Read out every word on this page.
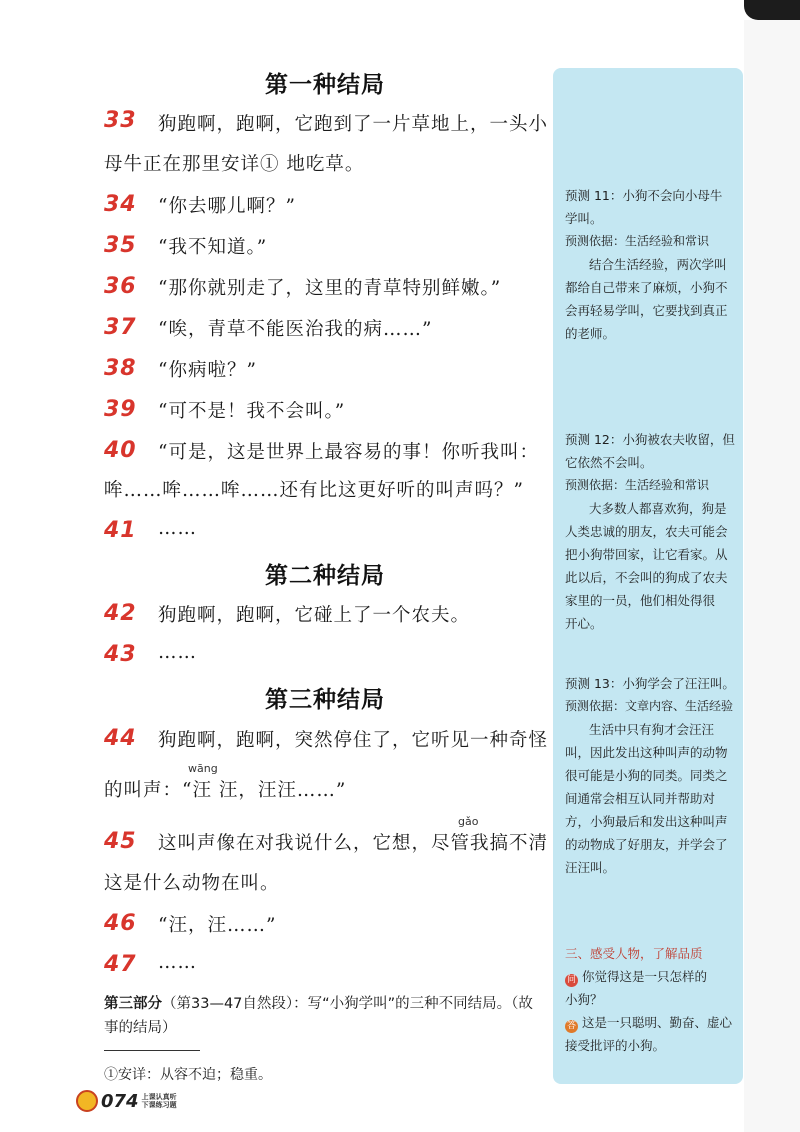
第一种结局
33 狗跑啊，跑啊，它跑到了一片草地上，一头小
母牛正在那里安详① 地吃草。
34 “你去哪儿啊？”
35 “我不知道。”
36 “那你就别走了，这里的青草特别鲜嫩。”
37 “唉，青草不能医治我的病……”
38 “你病啦？”
39 “可不是！我不会叫。”
40 “可是，这是世界上最容易的事！你听我叫：
哞……哞……哞……还有比这更好听的叫声吗？”
41 ……
第二种结局
42 狗跑啊，跑啊，它碰上了一个农夫。
43 ……
第三种结局
44 狗跑啊，跑啊，突然停住了，它听见一种奇怪
wāng
的叫声：“汪 汪，汪汪……”
45
gǎo
这叫声像在对我说什么，它想，尽管我搞不清
这是什么动物在叫。
46 “汪，汪……”
47 ……
第三部分（第33—47自然段）：写“小狗学叫”的三种不同结局。（故事的结局）
①安详：从容不迫；稳重。
074 上课认真听
下课练习题
预测 11：小狗不会向小母牛
学叫。
预测依据：生活经验和常识
结合生活经验，两次学叫
都给自己带来了麻烦，小狗不
会再轻易学叫，它要找到真正
的老师。
预测 12：小狗被农夫收留，但
它依然不会叫。
预测依据：生活经验和常识
大多数人都喜欢狗，狗是
人类忠诚的朋友，农夫可能会
把小狗带回家，让它看家。从
此以后，不会叫的狗成了农夫
家里的一员，他们相处得很
开心。
预测 13：小狗学会了汪汪叫。
预测依据：文章内容、生活经验
生活中只有狗才会汪汪
叫，因此发出这种叫声的动物
很可能是小狗的同类。同类之
间通常会相互认同并帮助对
方，小狗最后和发出这种叫声
的动物成了好朋友，并学会了
汪汪叫。
三、感受人物，了解品质
问 你觉得这是一只怎样的
小狗？
答 这是一只聪明、勤奋、虚心
接受批评的小狗。
